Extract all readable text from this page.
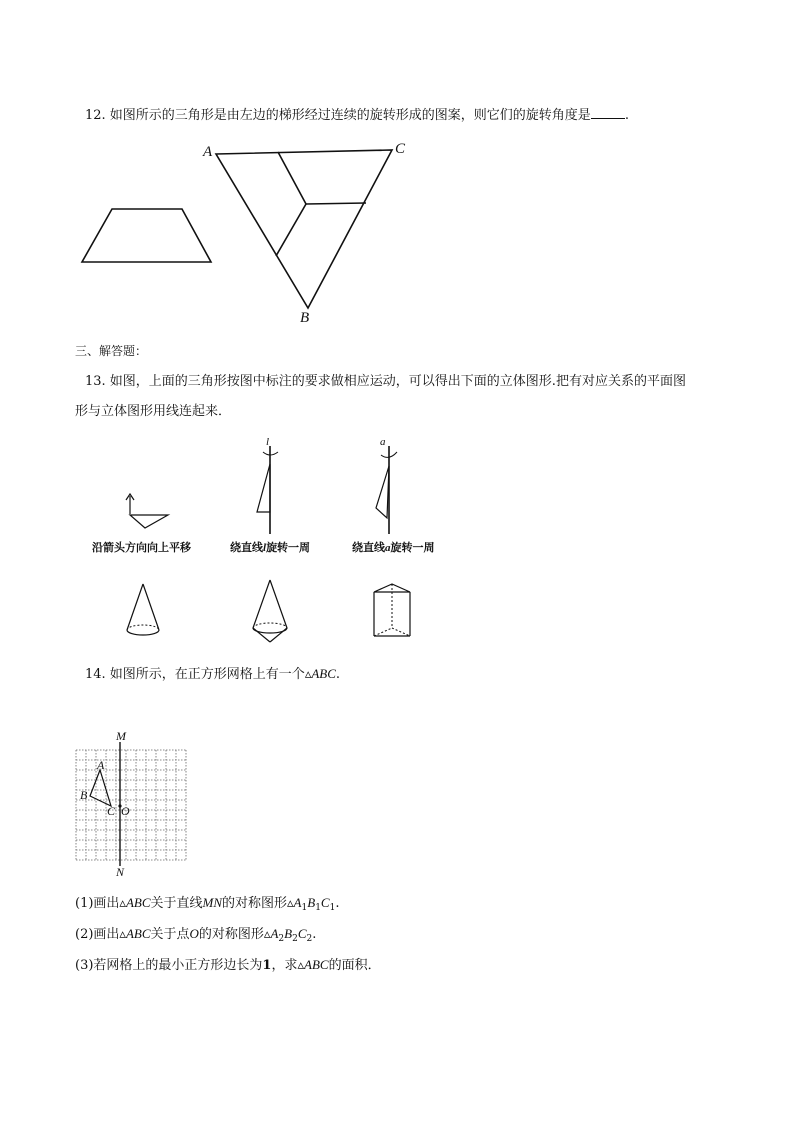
12. 如图所示的三角形是由左边的梯形经过连续的旋转形成的图案，则它们的旋转角度是	.
A	C
B
三、解答题：
13. 如图，上面的三角形按图中标注的要求做相应运动，可以得出下面的立体图形.把有对应关系的平面图
形与立体图形用线连起来．
l	a
沿箭头方向向上平移	绕直线l旋转一周	绕直线a旋转一周
14. 如图所示，在正方形网格上有一个▵ABC.
M
N
A
B
C O
(1)画出▵ABC关于直线MN的对称图形$▵A_1B_1C_1$.
(2)画出▵ABC关于点O的对称图形$▵A_2B_2C_2$.
(3)若网格上的最小正方形边长为1，求▵ABC的面积．
